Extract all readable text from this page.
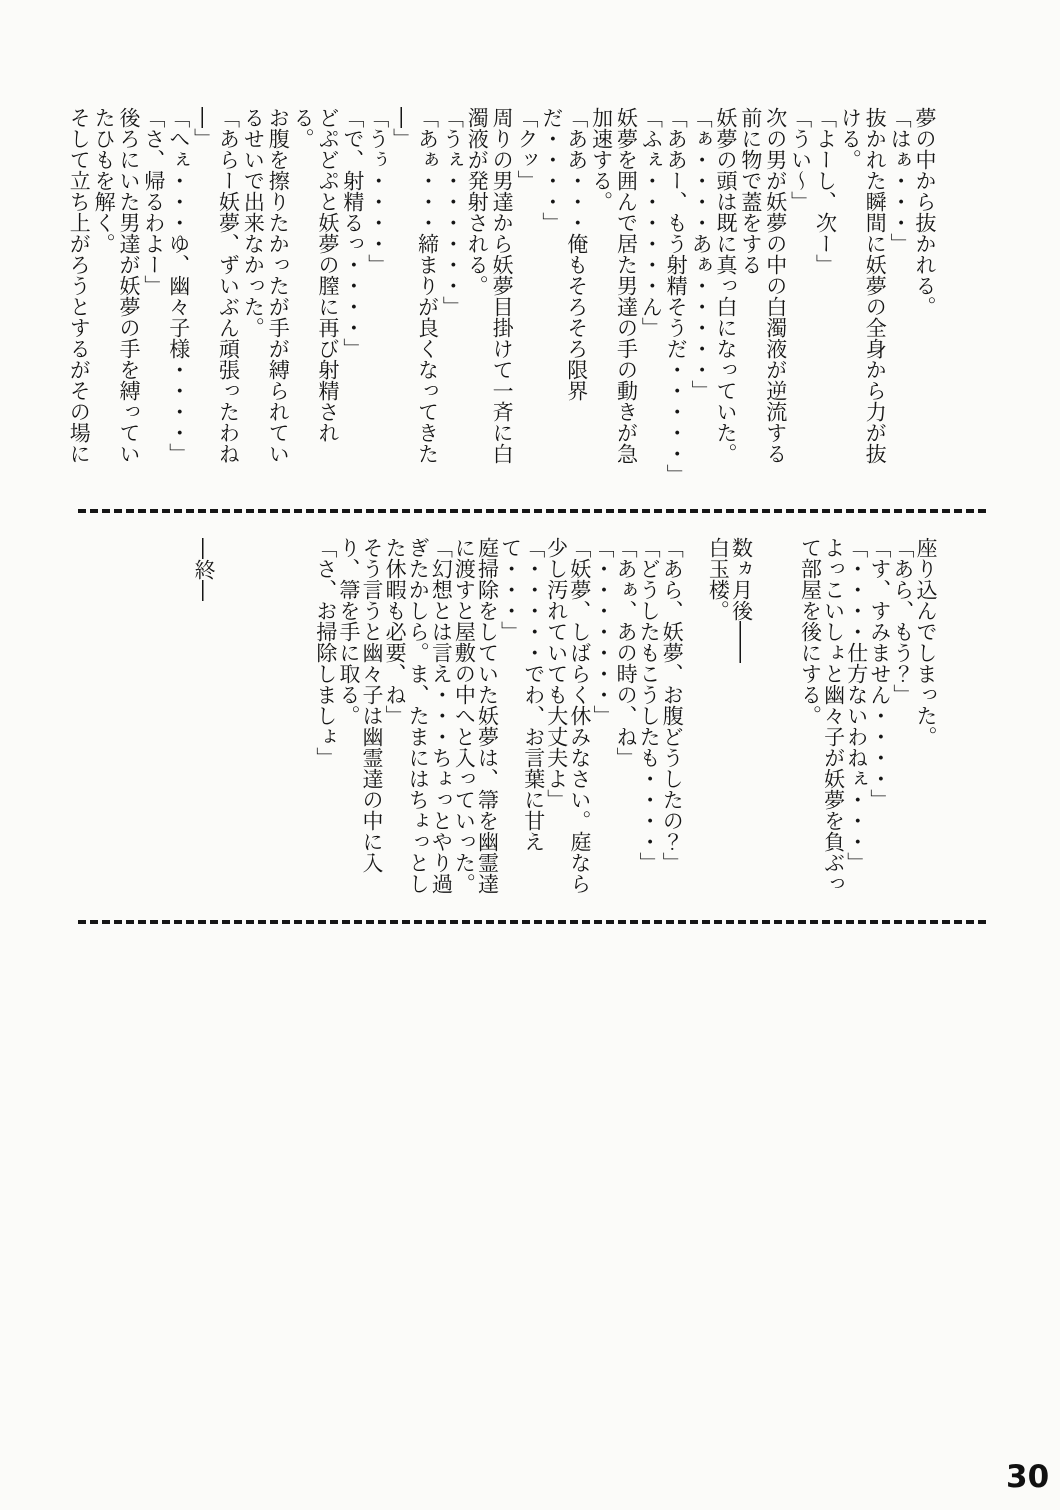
夢の中から抜かれる。

「はぁ・・・」

抜かれた瞬間に妖夢の全身から力が抜ける。

「よーし、次ー」

「うい～」

次の男が妖夢の中の白濁液が逆流する前に物で蓋をする

妖夢の頭は既に真っ白になっていた。

「ぁ・・・・あぁ・・・・・」

「ああー、もう射精そうだ・・・・・」

「ふぇ・・・・・・ん」

妖夢を囲んで居た男達の手の動きが急加速する。

「ああ・・・俺もそろそろ限界だ・・・・」

「クッ」

周りの男達から妖夢目掛けて一斉に白濁液が発射される。

「うぇ・・・・・・」

「あぁ・・・締まりが良くなってきた―」

「うぅ・・・・」

「で、射精るっ・・・・」

どぷどぷと妖夢の膣に再び射精される。

お腹を擦りたかったが手が縛られているせいで出来なかった。

「あらー妖夢、ずいぶん頑張ったわね―」

「へぇ・・・ゆ、幽々子様・・・・」

「さ、帰るわよー」

後ろにいた男達が妖夢の手を縛っていたひもを解く。

そして立ち上がろうとするがその場に

座り込んでしまった。

「あら、もう？」

「す、すみません・・・・」

「・・・・仕方ないわねぇ・・・」

よっこいしょと幽々子が妖夢を負ぶって部屋を後にする。

数ヵ月後――

白玉楼。

「あら、妖夢、お腹どうしたの？」

「どうしたもこうしたも・・・・」

「あぁ、あの時の、ね」

「・・・・・・・」

「妖夢、しばらく休みなさい。庭なら少し汚れていても大丈夫よ」

「・・・・・でわ、お言葉に甘えて・・・」

庭掃除をしていた妖夢は、箒を幽霊達に渡すと屋敷の中へと入っていった。

「幻想とは言え・・・ちょっとやり過ぎたかしら。ま、たまにはちょっとした休暇も必要、ね」

そう言うと幽々子は幽霊達の中に入り、箒を手に取る。

「さ、お掃除しましょ」

―終―
30
